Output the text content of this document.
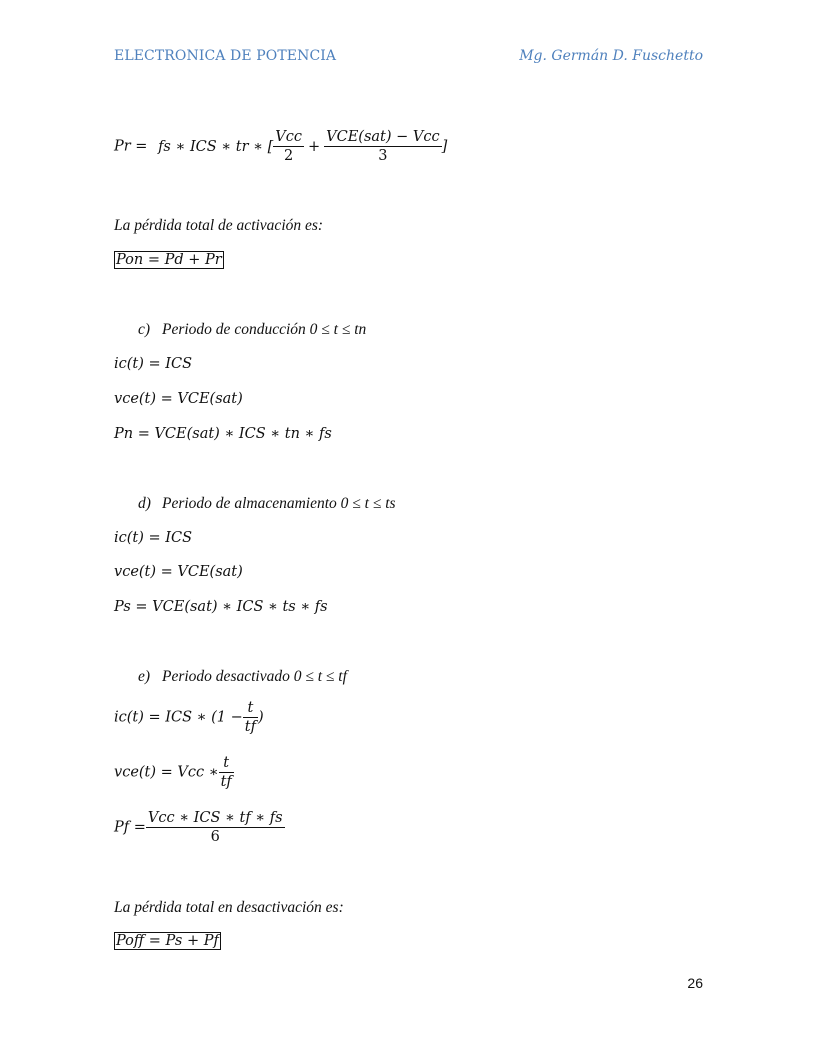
ELECTRONICA DE POTENCIA	Mg. Germán D. Fuschetto
Pr = fs ∗ ICS ∗ tr ∗ [ $\frac{\text{Vcc}}{2} + \frac{\text{VCE(sat) − Vcc}}{3}$ ]
La pérdida total de activación es:
Pon = Pd + Pr
c) Periodo de conducción 0 ≤ t ≤ tn
ic(t) = ICS
vce(t) = VCE(sat)
Pn = VCE(sat) ∗ ICS ∗ tn ∗ fs
d) Periodo de almacenamiento 0 ≤ t ≤ ts
ic(t) = ICS
vce(t) = VCE(sat)
Ps = VCE(sat) ∗ ICS ∗ ts ∗ fs
e) Periodo desactivado 0 ≤ t ≤ tf
ic(t) = ICS ∗ ($1 - \frac{t}{tf}$ )
vce(t) = Vcc ∗ $\frac{t}{tf}$
$Pf = \frac{\text{Vcc ∗ ICS ∗ tf ∗ fs}}{6}$
La pérdida total en desactivación es:
Poff = Ps + Pf
26
